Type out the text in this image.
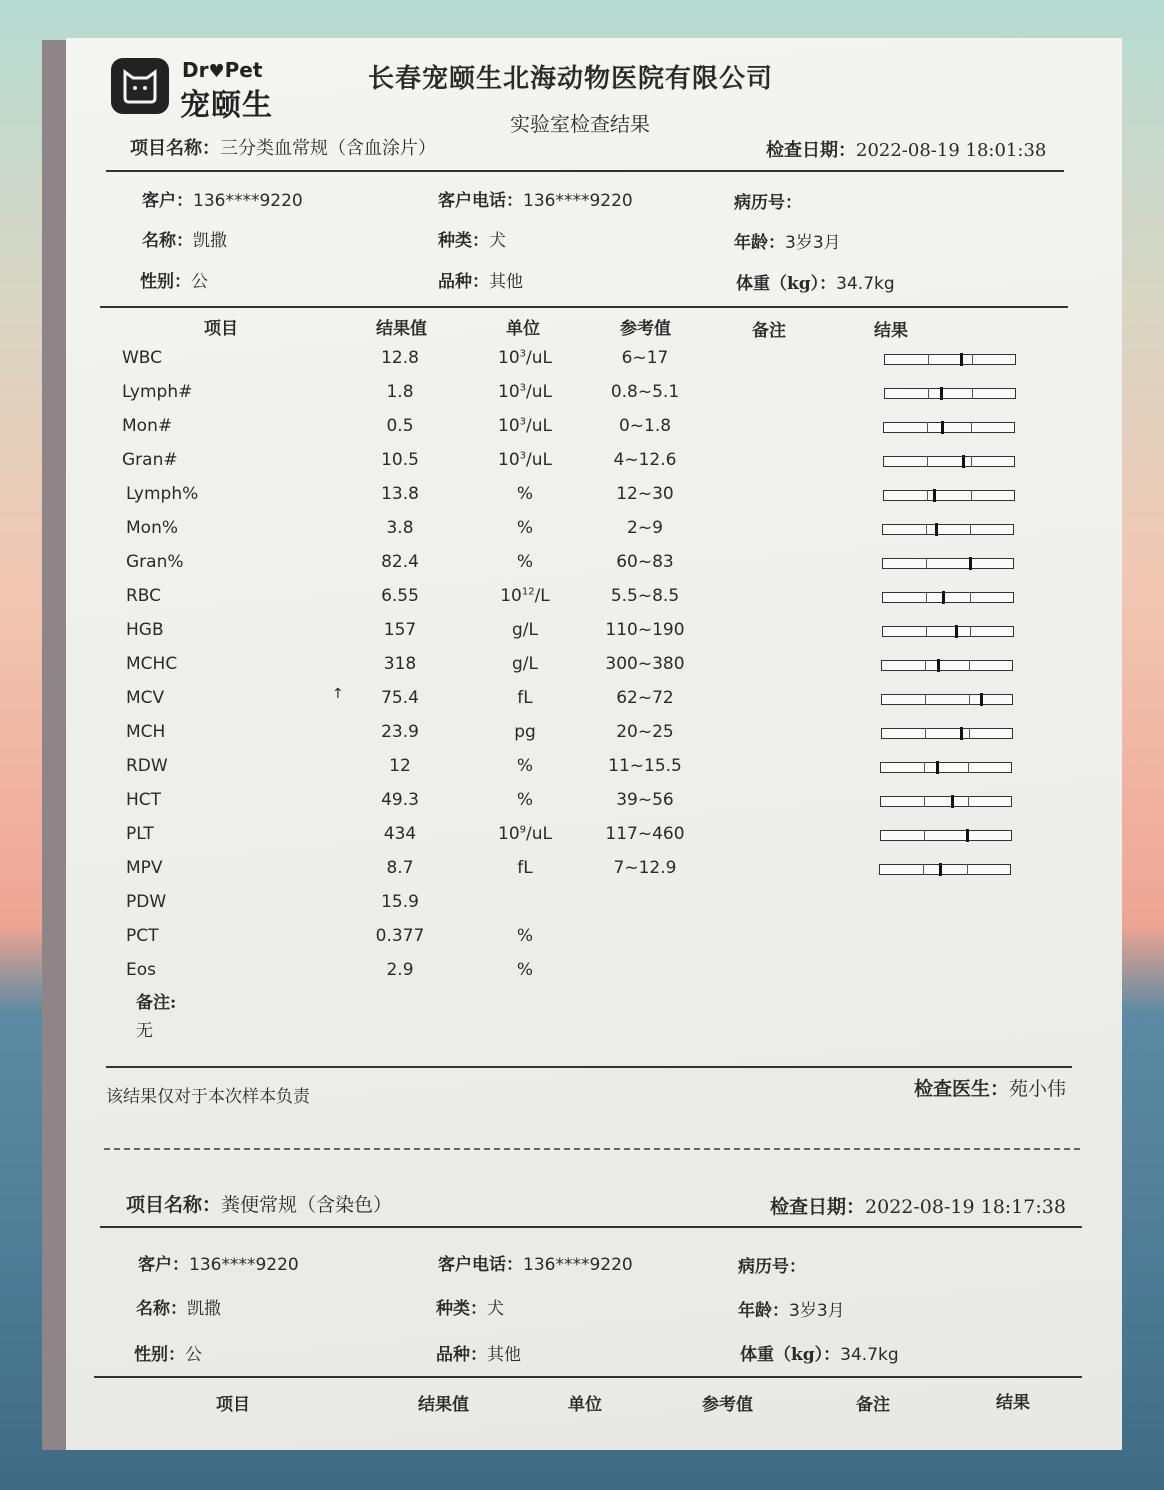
Dr♥Pet
宠颐生
长春宠颐生北海动物医院有限公司
实验室检查结果
项目名称：三分类血常规（含血涂片）	检查日期：2022-08-19 18:01:38
客户：136****9220	客户电话：136****9220	病历号：
名称：凯撒	种类：犬	年龄：3岁3月
性别：公	品种：其他	体重（kg）：34.7kg
项目	结果值	单位	参考值	备注	结果
WBC	12.8	$10^3/uL$	6~17
Lymph#	1.8	$10^3/uL$	0.8~5.1
Mon#	0.5	$10^3/uL$	0~1.8
Gran#	10.5	$10^3/uL$	4~12.6
Lymph%	13.8	%	12~30
Mon%	3.8	%	2~9
Gran%	82.4	%	60~83
RBC	6.55	$10^{12}/L$	5.5~8.5
HGB	157	g/L	110~190
MCHC	318	g/L	300~380
MCV	↑	75.4	fL	62~72
MCH	23.9	pg	20~25
RDW	12	%	11~15.5
HCT	49.3	%	39~56
PLT	434	$10^9/uL$	117~460
MPV	8.7	fL	7~12.9
PDW	15.9
PCT	0.377	%
Eos	2.9	%
备注:
无
该结果仅对于本次样本负责	检查医生：苑小伟
项目名称：粪便常规（含染色）	检查日期：2022-08-19 18:17:38
客户：136****9220	客户电话：136****9220	病历号：
名称：凯撒	种类：犬	年龄：3岁3月
性别：公	品种：其他	体重（kg）：34.7kg
项目	结果值	单位	参考值	备注	结果
